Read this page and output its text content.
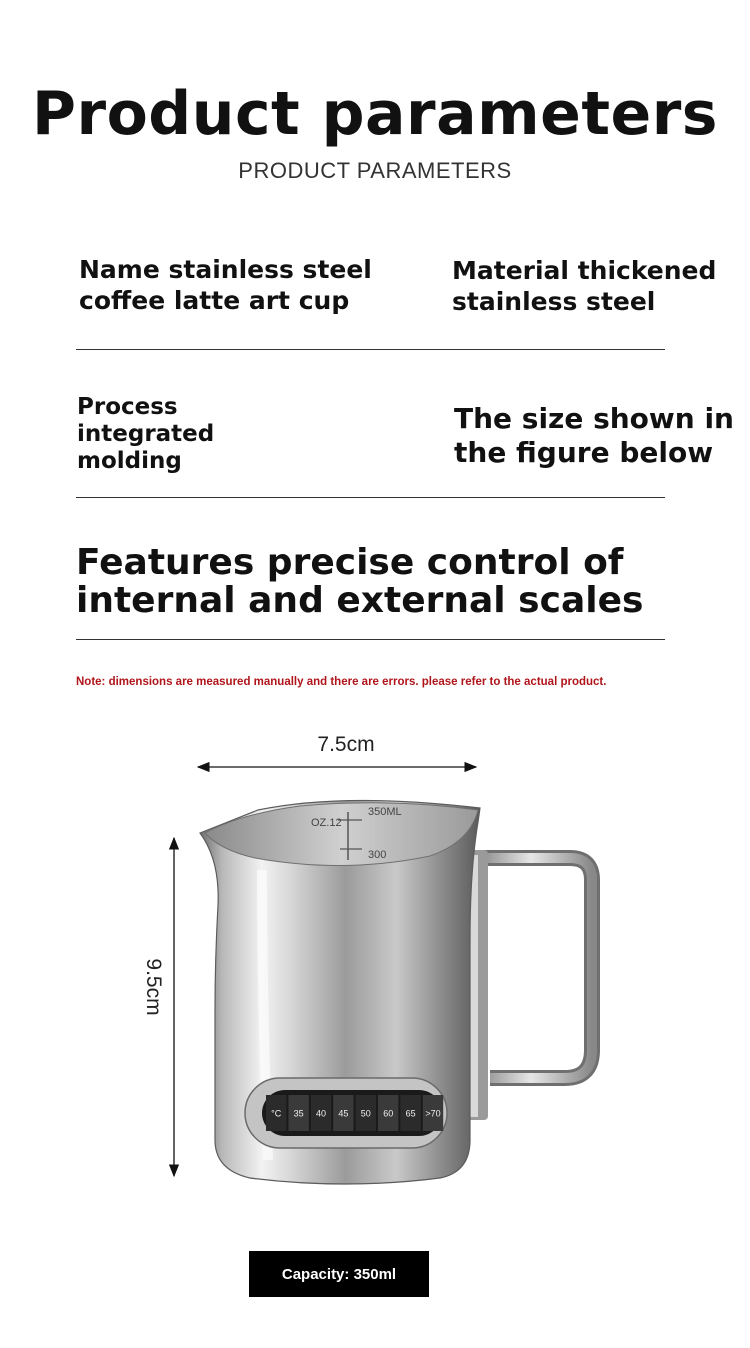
Product parameters
PRODUCT PARAMETERS
Name stainless steel
coffee latte art cup
Material thickened
stainless steel
Process
integrated
molding
The size shown in
the figure below
Features precise control of
internal and external scales
Note: dimensions are measured manually and there are errors. please refer to the actual product.
7.5cm
9.5cm
350ML
OZ.12
300
°C 35 40 45 50 60 65 >70
Capacity: 350ml
